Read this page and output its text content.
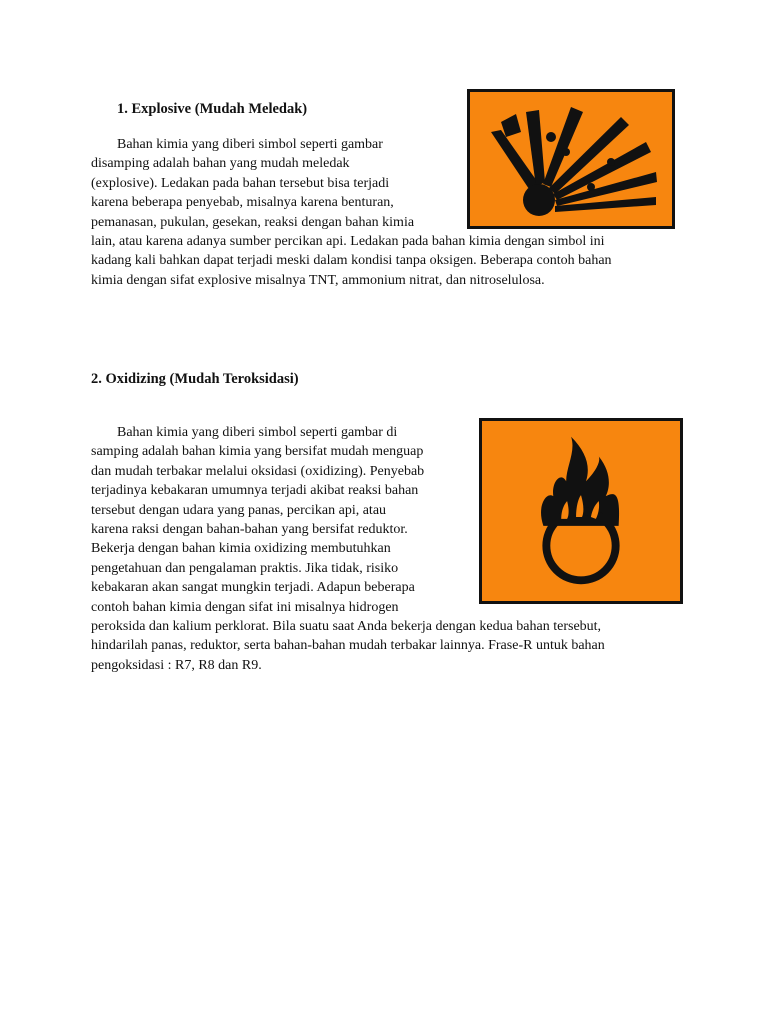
1. Explosive (Mudah Meledak)
Bahan kimia yang diberi simbol seperti gambar
disamping adalah bahan yang mudah meledak
(explosive). Ledakan pada bahan tersebut bisa terjadi
karena beberapa penyebab, misalnya karena benturan,
pemanasan, pukulan, gesekan, reaksi dengan bahan kimia
lain, atau karena adanya sumber percikan api. Ledakan pada bahan kimia dengan simbol ini
kadang kali bahkan dapat terjadi meski dalam kondisi tanpa oksigen. Beberapa contoh bahan
kimia dengan sifat explosive misalnya TNT, ammonium nitrat, dan nitroselulosa.
2. Oxidizing (Mudah Teroksidasi)
Bahan kimia yang diberi simbol seperti gambar di
samping adalah bahan kimia yang bersifat mudah menguap
dan mudah terbakar melalui oksidasi (oxidizing). Penyebab
terjadinya kebakaran umumnya terjadi akibat reaksi bahan
tersebut dengan udara yang panas, percikan api, atau
karena raksi dengan bahan-bahan yang bersifat reduktor.
Bekerja dengan bahan kimia oxidizing membutuhkan
pengetahuan dan pengalaman praktis. Jika tidak, risiko
kebakaran akan sangat mungkin terjadi. Adapun beberapa
contoh bahan kimia dengan sifat ini misalnya hidrogen
peroksida dan kalium perklorat. Bila suatu saat Anda bekerja dengan kedua bahan tersebut,
hindarilah panas, reduktor, serta bahan-bahan mudah terbakar lainnya. Frase-R untuk bahan
pengoksidasi : R7, R8 dan R9.
